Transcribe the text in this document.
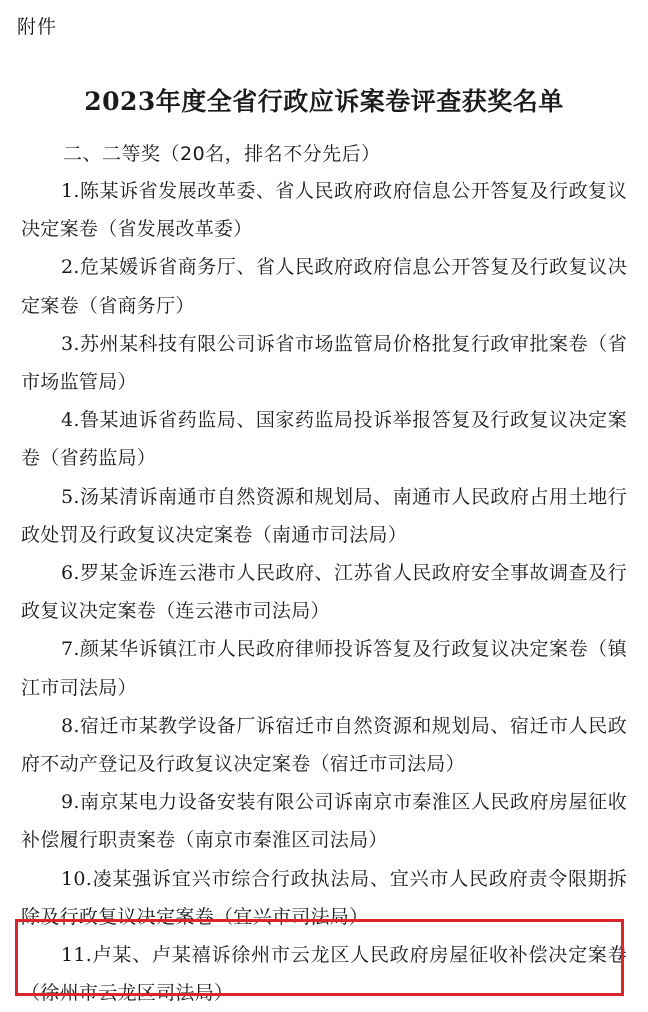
附件
2023年度全省行政应诉案卷评查获奖名单
二、二等奖（20名，排名不分先后）

1.陈某诉省发展改革委、省人民政府政府信息公开答复及行政复议决定案卷（省发展改革委）

2.危某媛诉省商务厅、省人民政府政府信息公开答复及行政复议决定案卷（省商务厅）

3.苏州某科技有限公司诉省市场监管局价格批复行政审批案卷（省市场监管局）

4.鲁某迪诉省药监局、国家药监局投诉举报答复及行政复议决定案卷（省药监局）

5.汤某清诉南通市自然资源和规划局、南通市人民政府占用土地行政处罚及行政复议决定案卷（南通市司法局）

6.罗某金诉连云港市人民政府、江苏省人民政府安全事故调查及行政复议决定案卷（连云港市司法局）

7.颜某华诉镇江市人民政府律师投诉答复及行政复议决定案卷（镇江市司法局）

8.宿迁市某教学设备厂诉宿迁市自然资源和规划局、宿迁市人民政府不动产登记及行政复议决定案卷（宿迁市司法局）

9.南京某电力设备安装有限公司诉南京市秦淮区人民政府房屋征收补偿履行职责案卷（南京市秦淮区司法局）

10.凌某强诉宜兴市综合行政执法局、宜兴市人民政府责令限期拆除及行政复议决定案卷（宜兴市司法局）

11.卢某、卢某禧诉徐州市云龙区人民政府房屋征收补偿决定案卷（徐州市云龙区司法局）
